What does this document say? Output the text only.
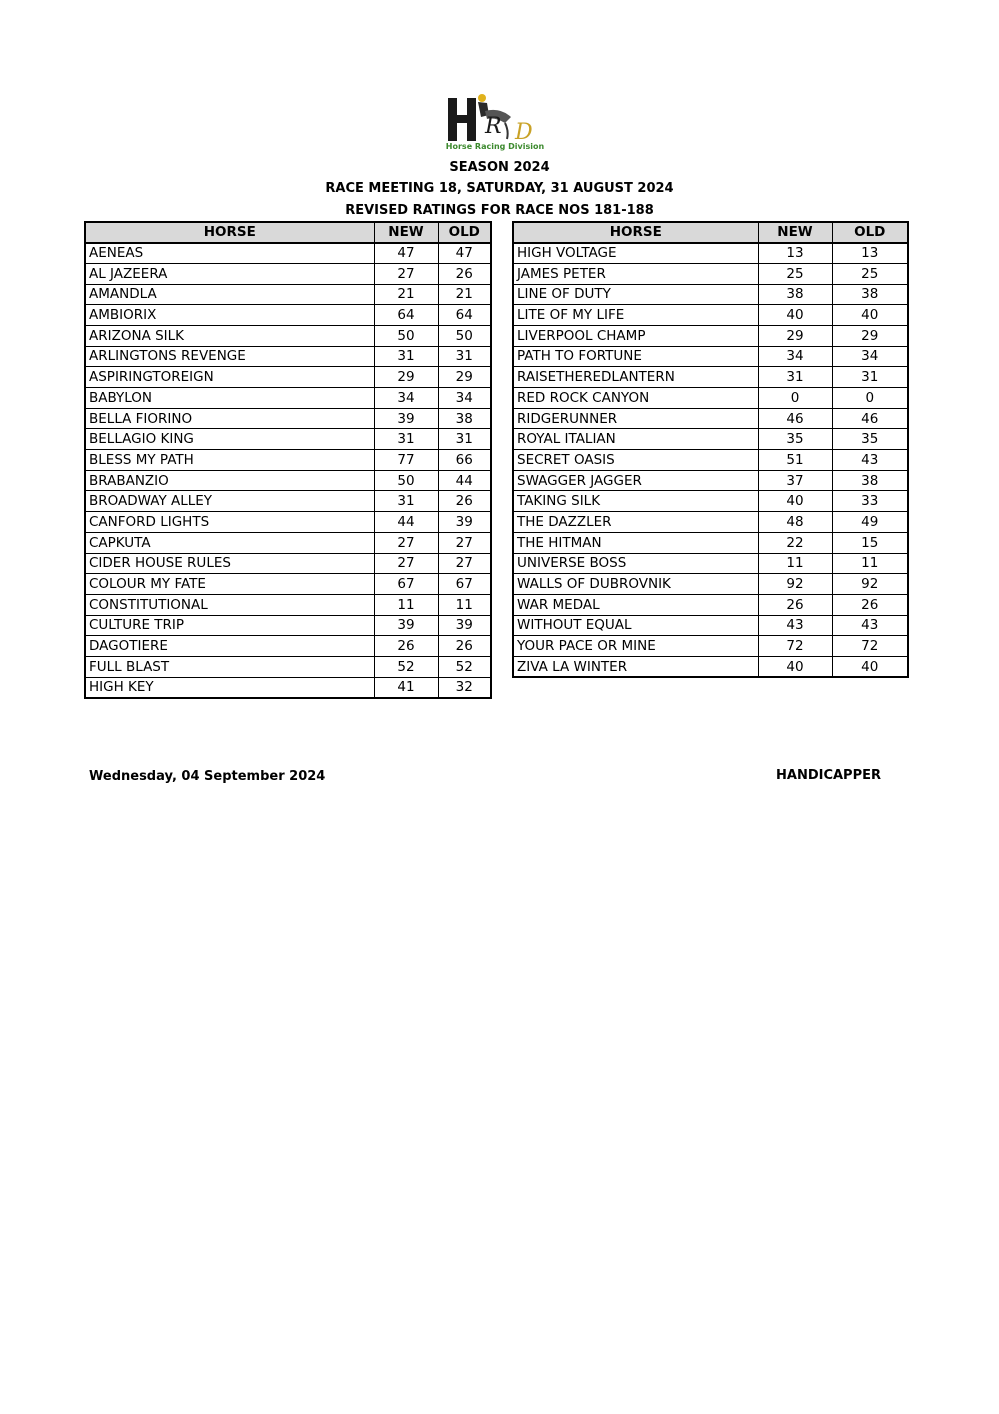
R D
Horse Racing Division
SEASON 2024
RACE MEETING 18, SATURDAY, 31 AUGUST 2024
REVISED RATINGS FOR RACE NOS 181-188
HORSE	NEW	OLD
AENEAS	47	47
AL JAZEERA	27	26
AMANDLA	21	21
AMBIORIX	64	64
ARIZONA SILK	50	50
ARLINGTONS REVENGE	31	31
ASPIRINGTOREIGN	29	29
BABYLON	34	34
BELLA FIORINO	39	38
BELLAGIO KING	31	31
BLESS MY PATH	77	66
BRABANZIO	50	44
BROADWAY ALLEY	31	26
CANFORD LIGHTS	44	39
CAPKUTA	27	27
CIDER HOUSE RULES	27	27
COLOUR MY FATE	67	67
CONSTITUTIONAL	11	11
CULTURE TRIP	39	39
DAGOTIERE	26	26
FULL BLAST	52	52
HIGH KEY	41	32
HORSE	NEW	OLD
HIGH VOLTAGE	13	13
JAMES PETER	25	25
LINE OF DUTY	38	38
LITE OF MY LIFE	40	40
LIVERPOOL CHAMP	29	29
PATH TO FORTUNE	34	34
RAISETHEREDLANTERN	31	31
RED ROCK CANYON	0	0
RIDGERUNNER	46	46
ROYAL ITALIAN	35	35
SECRET OASIS	51	43
SWAGGER JAGGER	37	38
TAKING SILK	40	33
THE DAZZLER	48	49
THE HITMAN	22	15
UNIVERSE BOSS	11	11
WALLS OF DUBROVNIK	92	92
WAR MEDAL	26	26
WITHOUT EQUAL	43	43
YOUR PACE OR MINE	72	72
ZIVA LA WINTER	40	40
Wednesday, 04 September 2024	HANDICAPPER
